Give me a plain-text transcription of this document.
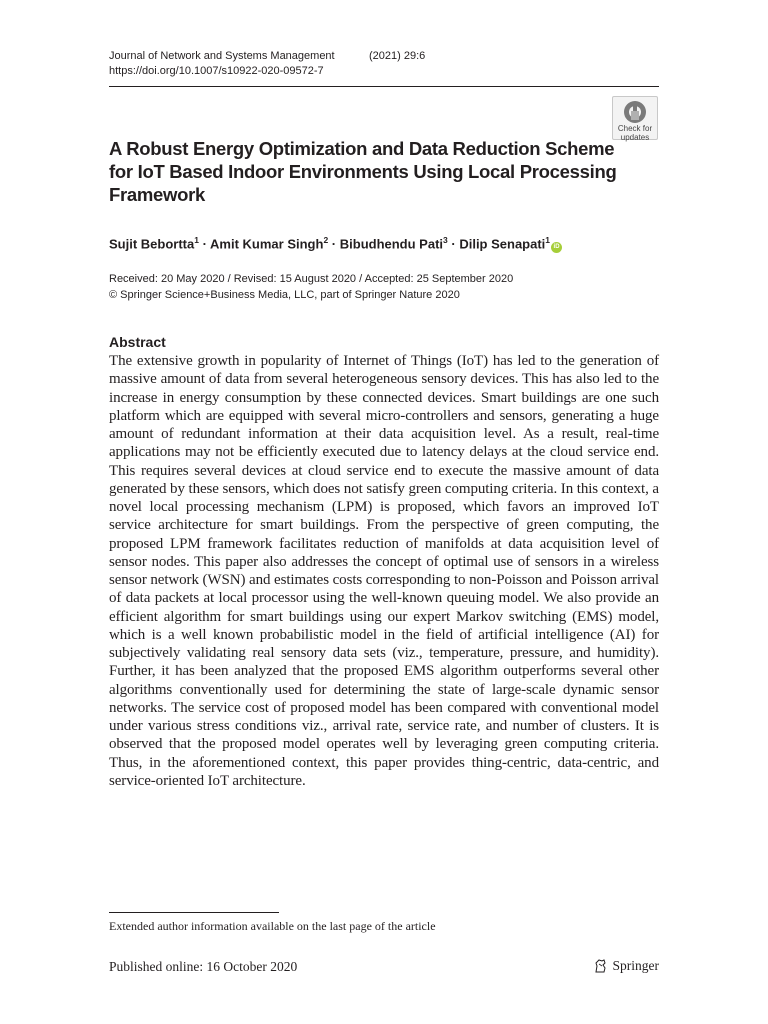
Journal of Network and Systems Management	(2021) 29:6
https://doi.org/10.1007/s10922-020-09572-7
Check for
updates
A Robust Energy Optimization and Data Reduction Scheme for IoT Based Indoor Environments Using Local Processing Framework
Sujit Bebortta$^1$ · Amit Kumar Singh$^2$ · Bibudhendu Pati$^3$ · Dilip Senapati$^1$iD
Received: 20 May 2020 / Revised: 15 August 2020 / Accepted: 25 September 2020
© Springer Science+Business Media, LLC, part of Springer Nature 2020
Abstract
The extensive growth in popularity of Internet of Things (IoT) has led to the generation of massive amount of data from several heterogeneous sensory devices. This has also led to the increase in energy consumption by these connected devices. Smart buildings are one such platform which are equipped with several micro-controllers and sensors, generating a huge amount of redundant information at their data acquisition level. As a result, real-time applications may not be efficiently executed due to latency delays at the cloud service end. This requires several devices at cloud service end to execute the massive amount of data generated by these sensors, which does not satisfy green computing criteria. In this context, a novel local processing mechanism (LPM) is proposed, which favors an improved IoT service architecture for smart buildings. From the perspective of green computing, the proposed LPM framework facilitates reduction of manifolds at data acquisition level of sensor nodes. This paper also addresses the concept of optimal use of sensors in a wireless sensor network (WSN) and estimates costs corresponding to non-Poisson and Poisson arrival of data packets at local processor using the well-known queuing model. We also provide an efficient algorithm for smart buildings using our expert Markov switching (EMS) model, which is a well known probabilistic model in the field of artificial intelligence (AI) for subjectively validating real sensory data sets (viz., temperature, pressure, and humidity). Further, it has been analyzed that the proposed EMS algorithm outperforms several other algorithms conventionally used for determining the state of large-scale dynamic sensor networks. The service cost of proposed model has been compared with conventional model under various stress conditions viz., arrival rate, service rate, and number of clusters. It is observed that the proposed model operates well by leveraging green computing criteria. Thus, in the aforementioned context, this paper provides thing-centric, data-centric, and service-oriented IoT architecture.
Extended author information available on the last page of the article
Published online: 16 October 2020	Springer
